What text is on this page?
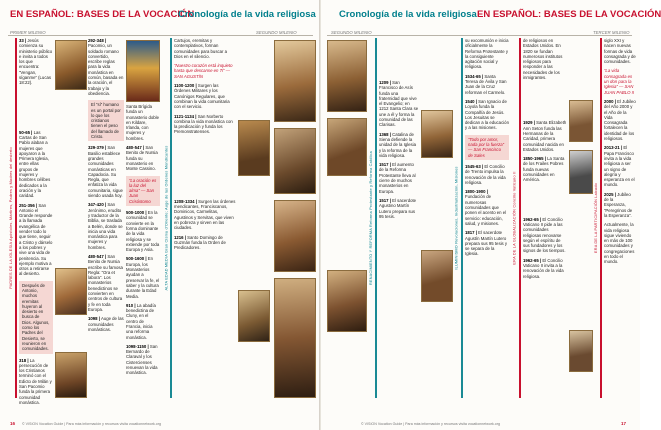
EN ESPAÑOL: BASES DE LA VOCACIÓN
Cronología de la vida religiosa
PRIMER MILENIO	SEGUNDO MILENIO
PADRES DE LA IGLESIA Apóstoles, Mártires, Padres y Madres del desierto	ALTA EDAD MEDIA Gran Cisma d’Oriente; Auge de las Ordenes Mendicantes
33 | Jesús comienza su ministerio público e invita a todos los que encuentra: “Vengan, síganme” (Lucas 18:22).
50-65 | Las Cartas de San Pablo alaban a mujeres que apoyaron a la Primera Iglesia, entre ellas grupos de mujeres y hombres célibes dedicados a la oración y la caridad.
251-356 | San Antonio el Grande responde a la llamada evangélica de vender todo lo que tiene, seguir a Cristo y dárselo a los pobres y vive una vida de penitencia. Su ejemplo motiva a otros a retirarse al desierto.
Después de Antonio, muchos eremitas huyeron al desierto en busca de Dios. Algunos, como los Padres del Desierto, se reunieron en comunidades.
318 | La persecución de los Cristianos terminó con el Edicto de Milán y San Pacomio funda la primera comunidad monástica.
292-348 | Pacomio, un soldado romano convertido, escribe reglas para la vida monástica en común, basada en la oración, el trabajo y la obediencia.
El “sí” humano es un portal por lo que los cristianos tienen el peso del llamado de Cristo.
329-379 | San Basilio establece grandes comunidades monásticas en Capadocia. Su Regla, que enfatiza la vida comunitaria, sigue siendo usada hoy.
347-420 | San Jerónimo, erudito y traductor de la Biblia, se traslada a Belén, donde se inicia una vida monástica para mujeres y hombres.
480-547 | San Benito de Nursia escribe su famosa Regla: “Ora et labora”. Los monasterios benedictinos se convierten en centros de cultura y fe en toda Europa.
1098 | Auge de las comunidades monásticas.
Santa Brígida funda un monasterio doble en Kildare, Irlanda, con mujeres y hombres.
480-547 | San Benito de Nursia funda su monasterio en Monte Cassino.
“La oración es la luz del alma” — San Juan Crisóstomo
500-1000 | En la comunidad se convierte en la forma dominante de la vida religiosa y se extiende por toda Europa y Asia.
500-1600 | En Europa, los Monasterios ayudan a preservar la fe, el saber y la cultura durante la Edad Media.
910 | La abadía benedictina de Cluny, en el centro de Francia, inicia una reforma monástica.
1098-1150 | San Bernardo de Claraval y los Cistercienses renuevan la vida monástica.
Cartujos, eremitas y contemplativos, forman comunidades para buscar a Dios en el silencio.
“Nuestro corazón está inquieto hasta que descanse en Ti” — SAN AGUSTÍN
1100-1200 | Surgen las Órdenes Militares y los Canónigos Regulares, que combinan la vida comunitaria con el servicio.
1121-1134 | San Norberto combina la vida monástica con la predicación y funda los Premonstratenses.
1208-1334 | Surgen las órdenes mendicantes, Franciscanos, Dominicos, Carmelitas, Agustinos y Servitas, que viven en pobreza y sirven en las ciudades.
1216 | Santo Domingo de Guzmán funda la Orden de Predicadores.
© VISION Vocation Guide | Para más información y recursos visita vocationnetwork.org
16
Cronología de la vida religiosa EN ESPAÑOL: BASES DE LA VOCACIÓN
SEGUNDO MILENIO	TERCER MILENIO
RENACIMIENTO Y REFORMA Reforma Protestante y Reforma Católica
1209 | San Francisco de Asís funda una fraternidad que vive el Evangelio; en 1212 Santa Clara se une a él y forma la comunidad de las Clarisas.
1368 | Catalina de Siena defiende la unidad de la Iglesia y la reforma de la vida religiosa.
1517 | El aumento de la Reforma Protestante lleva al cierre de muchos monasterios en Europa.
1517 | El sacerdote Agustino Martín Lutero prepara sus 95 tesis.	ILUMINISMO Revoluciones, Industrialización, Misiones
su excomunión e inicia oficialmente la Reforma Protestante y la consiguiente agitación social y religiosa.
1534-65 | Santa Teresa de Ávila y San Juan de la Cruz reforman el Carmelo.
1540 | San Ignacio de Loyola funda la Compañía de Jesús. Los Jesuitas se dedican a la educación y a las misiones.
“Todo por amor, nada por la fuerza” — San Francisco de Sales
1545-63 | El Concilio de Trento impulsa la renovación de la vida religiosa.
1800-1900 | Fundación de numerosas comunidades que ponen el acento en el servicio: educación, salud, y misiones.
1817 | El sacerdote Agustín Martín Lutero prepara sus 95 tesis y se separa de la Iglesia.	ERA DE LA GLOBALIZACIÓN Concilio Vaticano II
de religiosos en Estados Unidos. En 1820 se fundan numerosos institutos religiosos para responder a las necesidades de los inmigrantes.
1929 | Santa Elizabeth Ann Seton funda las Hermanas de la Caridad, primera comunidad nacida en Estados Unidos.
1850-1965 | La Santa de los Frailes Pobres funda nuevas comunidades en América.
1962-65 | El Concilio Vaticano II pide a las comunidades religiosas renovarse según el espíritu de sus fundadores y los signos de los tiempos.
1962-65 | El Concilio Vaticano II invita a la renovación de la vida religiosa.
ERA DE LA PARTICIPACIÓN Laicado
siglo XXI y nacen nuevas formas de vida consagrada y de comunidades.
“La vida consagrada es un don para la Iglesia” — SAN JUAN PABLO II
2000 | El Jubileo del Año 2000 y el Año de la Vida Consagrada fortalecen la identidad de los religiosos.
2013-21 | El Papa Francisco invita a la vida religiosa a ser un signo de alegría y esperanza en el mundo.
2025 | Jubileo de la Esperanza, “Peregrinos de la Esperanza”.
Actualmente, la vida religiosa sigue viviendo en más de 100 comunidades y congregaciones en todo el mundo.
© VISION Vocation Guide | Para más información y recursos visita vocationnetwork.org	17
